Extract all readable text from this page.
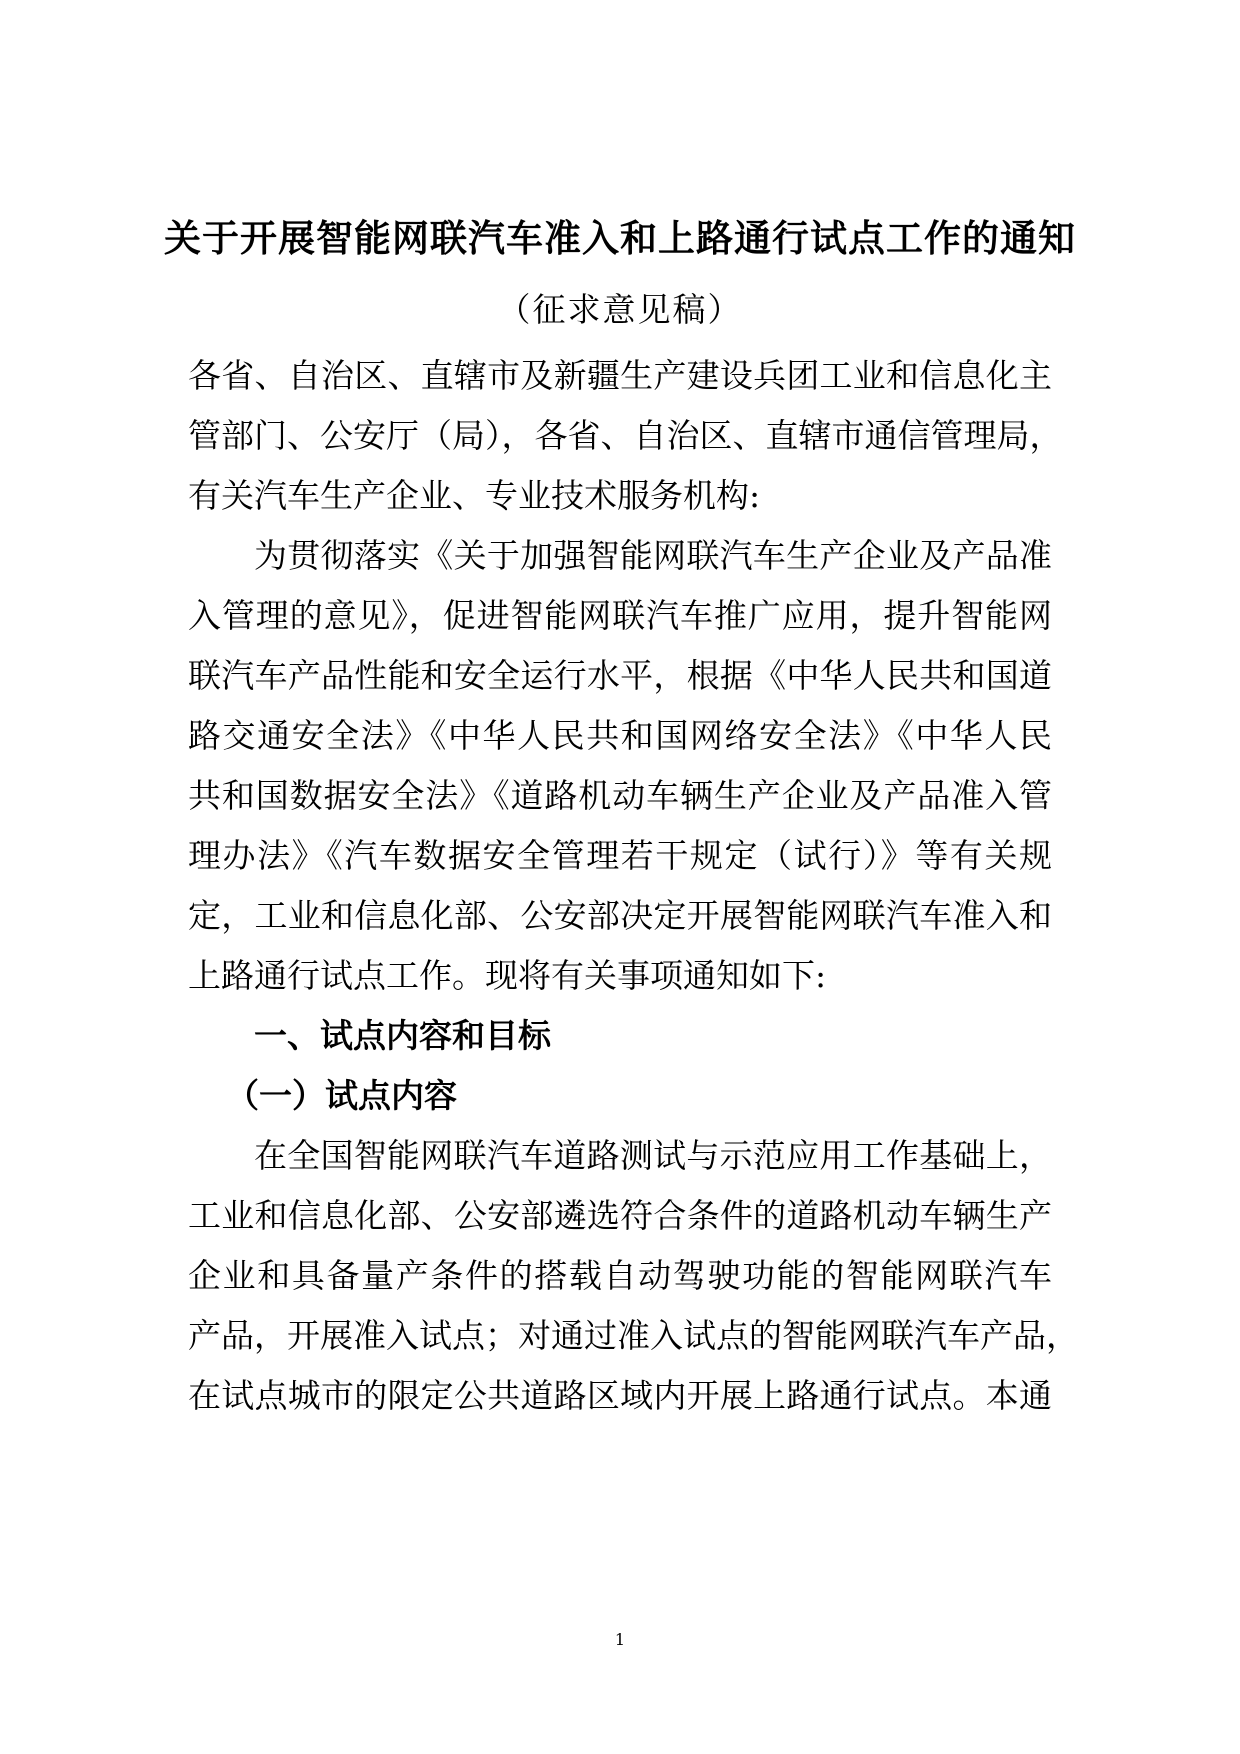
关于开展智能网联汽车准入和上路通行试点工作的通知
（征求意见稿）
各省、自治区、直辖市及新疆生产建设兵团工业和信息化主
管部门、公安厅（局），各省、自治区、直辖市通信管理局，
有关汽车生产企业、专业技术服务机构:
为贯彻落实《关于加强智能网联汽车生产企业及产品准
入管理的意见》，促进智能网联汽车推广应用，提升智能网
联汽车产品性能和安全运行水平，根据《中华人民共和国道
路交通安全法》《中华人民共和国网络安全法》《中华人民
共和国数据安全法》《道路机动车辆生产企业及产品准入管
理办法》《汽车数据安全管理若干规定（试行）》等有关规
定，工业和信息化部、公安部决定开展智能网联汽车准入和
上路通行试点工作。现将有关事项通知如下:
一、试点内容和目标
（一）试点内容
在全国智能网联汽车道路测试与示范应用工作基础上，
工业和信息化部、公安部遴选符合条件的道路机动车辆生产
企业和具备量产条件的搭载自动驾驶功能的智能网联汽车
产品，开展准入试点；对通过准入试点的智能网联汽车产品，
在试点城市的限定公共道路区域内开展上路通行试点。本通
1
